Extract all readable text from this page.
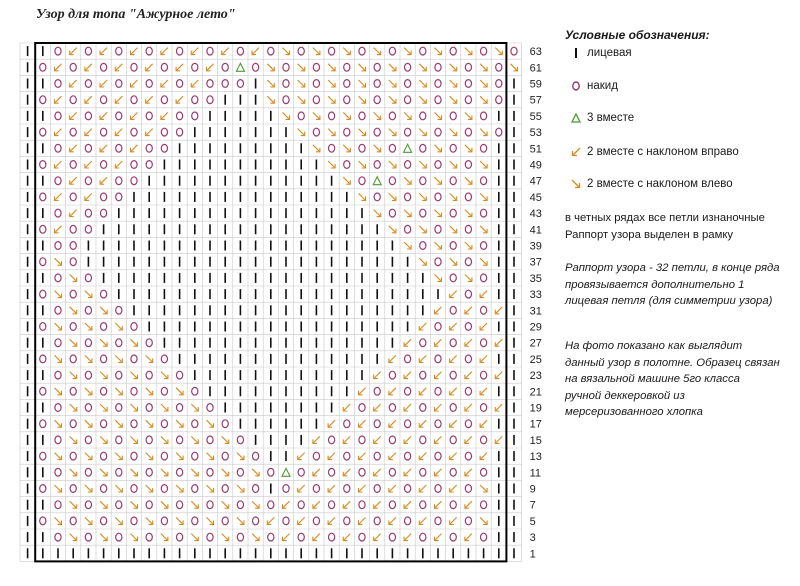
Узор для топа "Ажурное лето"
63
61
59
57
55
53
51
49
47
45
43
41
39
37
35
33
31
29
27
25
23
21
19
17
15
13
11
9
7
5
3
1
Условные обозначения:
лицевая
накид
3 вместе
2 вместе с наклоном вправо
2 вместе с наклоном влево
в четных рядах все петли изнаночные
Раппорт узора выделен в рамку
Раппорт узора - 32 петли, в конце ряда
провязывается дополнительно 1
лицевая петля (для симметрии узора)
На фото показано как выглядит
данный узор в полотне. Образец связан
на вязальной машине 5го класса
ручной деккеровкой из
мерсеризованного хлопка
